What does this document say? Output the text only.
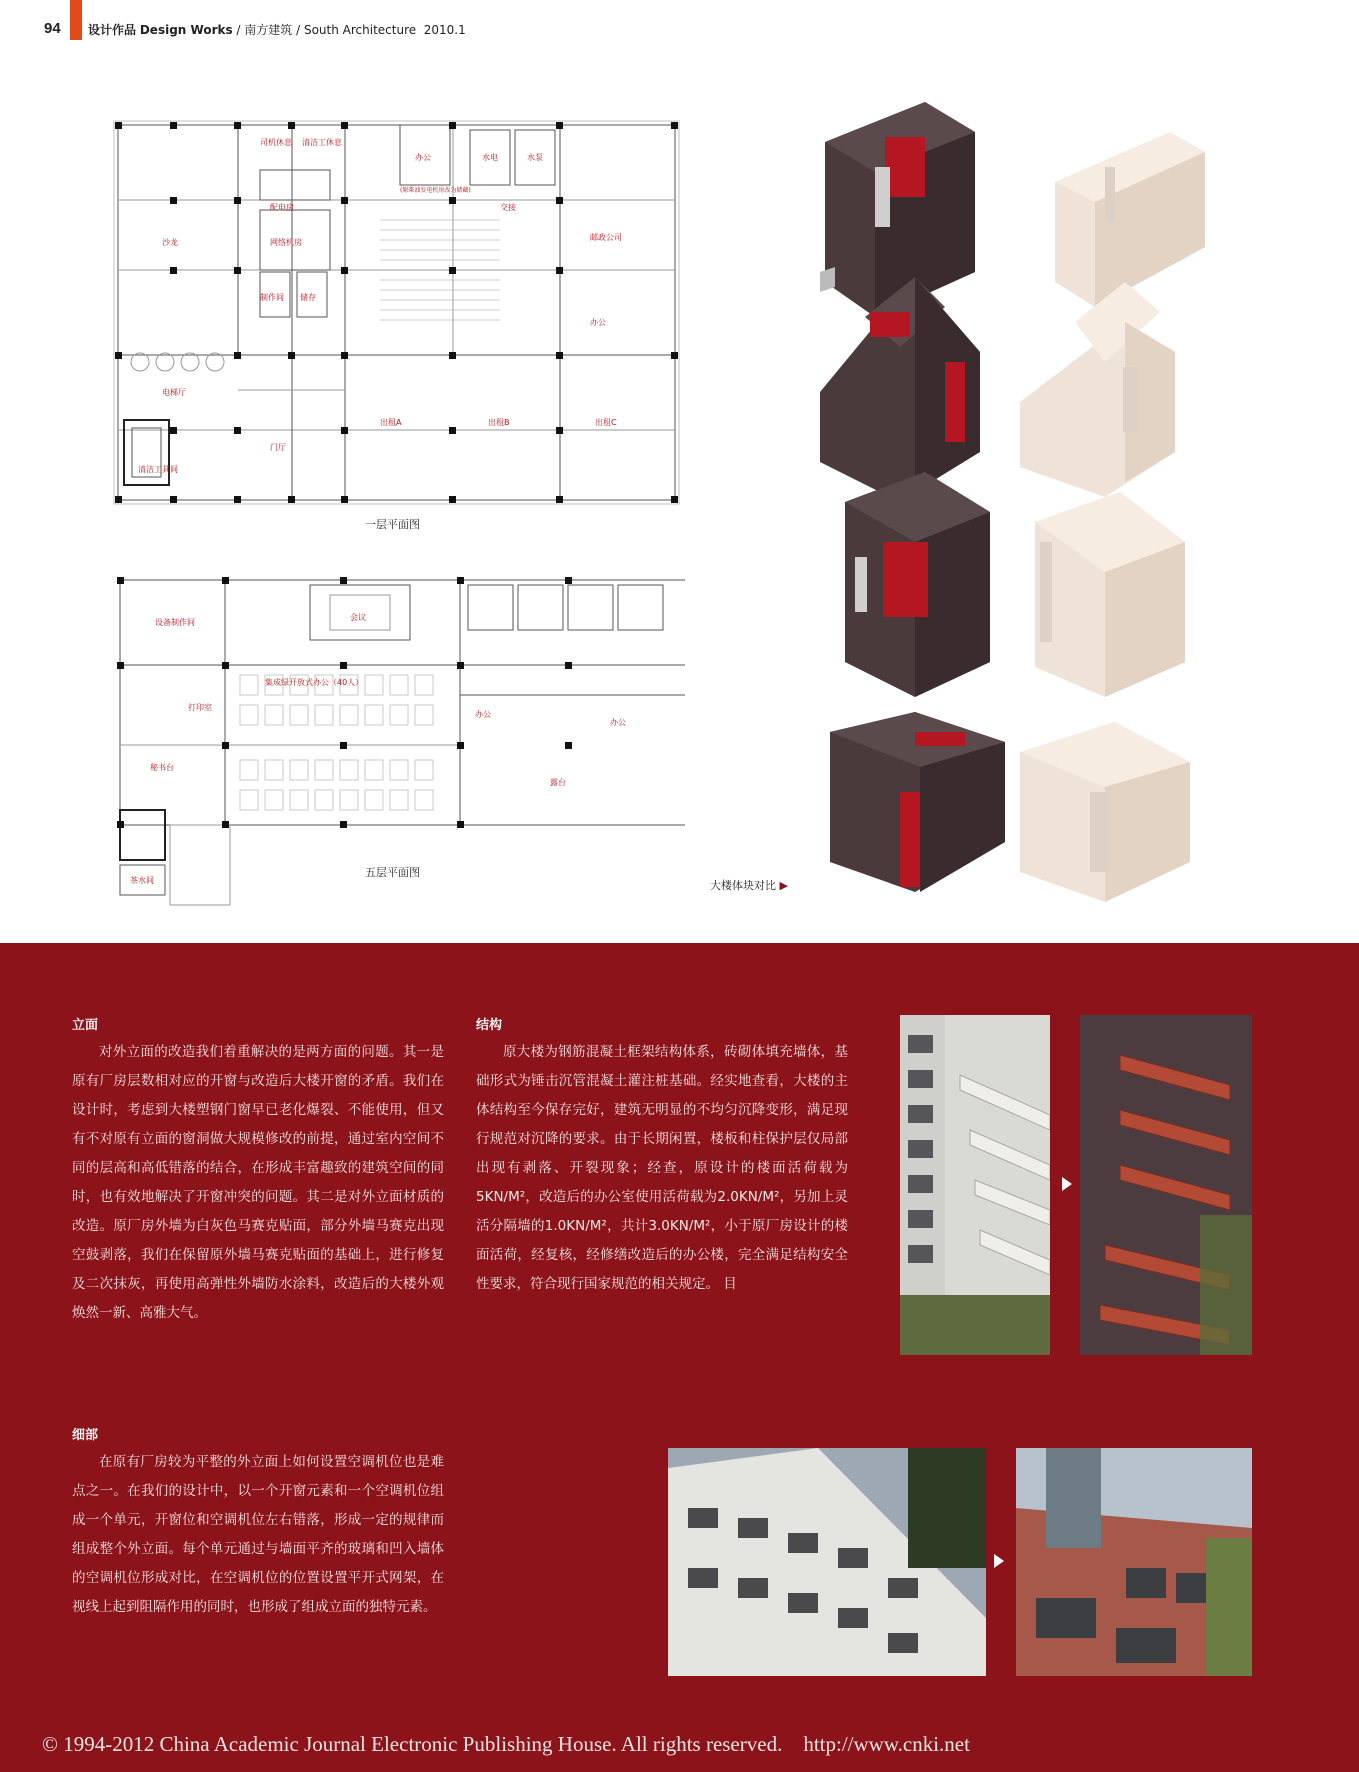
94 设计作品 Design Works / 南方建筑 / South Architecture 2010.1
司机休息 清洁工休息
办公	水电	水泵
沙龙
配电房
网络机房
制作间 储存
邮政公司
交接
办公
电梯厅
门厅
出租A	出租B	出租C
清洁工具间
(原柴油发电机房改为储藏)
一层平面图
设备制作间
会议
集成绿开放式办公（40人）
打印室
秘书台
办公
办公
露台
茶水间
五层平面图
大楼体块对比 ▶
立面

对外立面的改造我们着重解决的是两方面的问题。其一是原有厂房层数相对应的开窗与改造后大楼开窗的矛盾。我们在设计时，考虑到大楼塑钢门窗早已老化爆裂、不能使用，但又有不对原有立面的窗洞做大规模修改的前提，通过室内空间不同的层高和高低错落的结合，在形成丰富趣致的建筑空间的同时，也有效地解决了开窗冲突的问题。其二是对外立面材质的改造。原厂房外墙为白灰色马赛克贴面，部分外墙马赛克出现空鼓剥落，我们在保留原外墙马赛克贴面的基础上，进行修复及二次抹灰，再使用高弹性外墙防水涂料，改造后的大楼外观焕然一新、高雅大气。

结构

原大楼为钢筋混凝土框架结构体系，砖砌体填充墙体，基础形式为锤击沉管混凝土灌注桩基础。经实地查看，大楼的主体结构至今保存完好，建筑无明显的不均匀沉降变形，满足现行规范对沉降的要求。由于长期闲置，楼板和柱保护层仅局部出现有剥落、开裂现象；经查，原设计的楼面活荷载为5KN/M²，改造后的办公室使用活荷载为2.0KN/M²，另加上灵活分隔墙的1.0KN/M²，共计3.0KN/M²，小于原厂房设计的楼面活荷，经复核，经修缮改造后的办公楼，完全满足结构安全性要求，符合现行国家规范的相关规定。 目

细部

在原有厂房较为平整的外立面上如何设置空调机位也是难点之一。在我们的设计中，以一个开窗元素和一个空调机位组成一个单元，开窗位和空调机位左右错落，形成一定的规律而组成整个外立面。每个单元通过与墙面平齐的玻璃和凹入墙体的空调机位形成对比，在空调机位的位置设置平开式网架，在视线上起到阻隔作用的同时，也形成了组成立面的独特元素。

© 1994-2012 China Academic Journal Electronic Publishing House. All rights reserved. http://www.cnki.net
